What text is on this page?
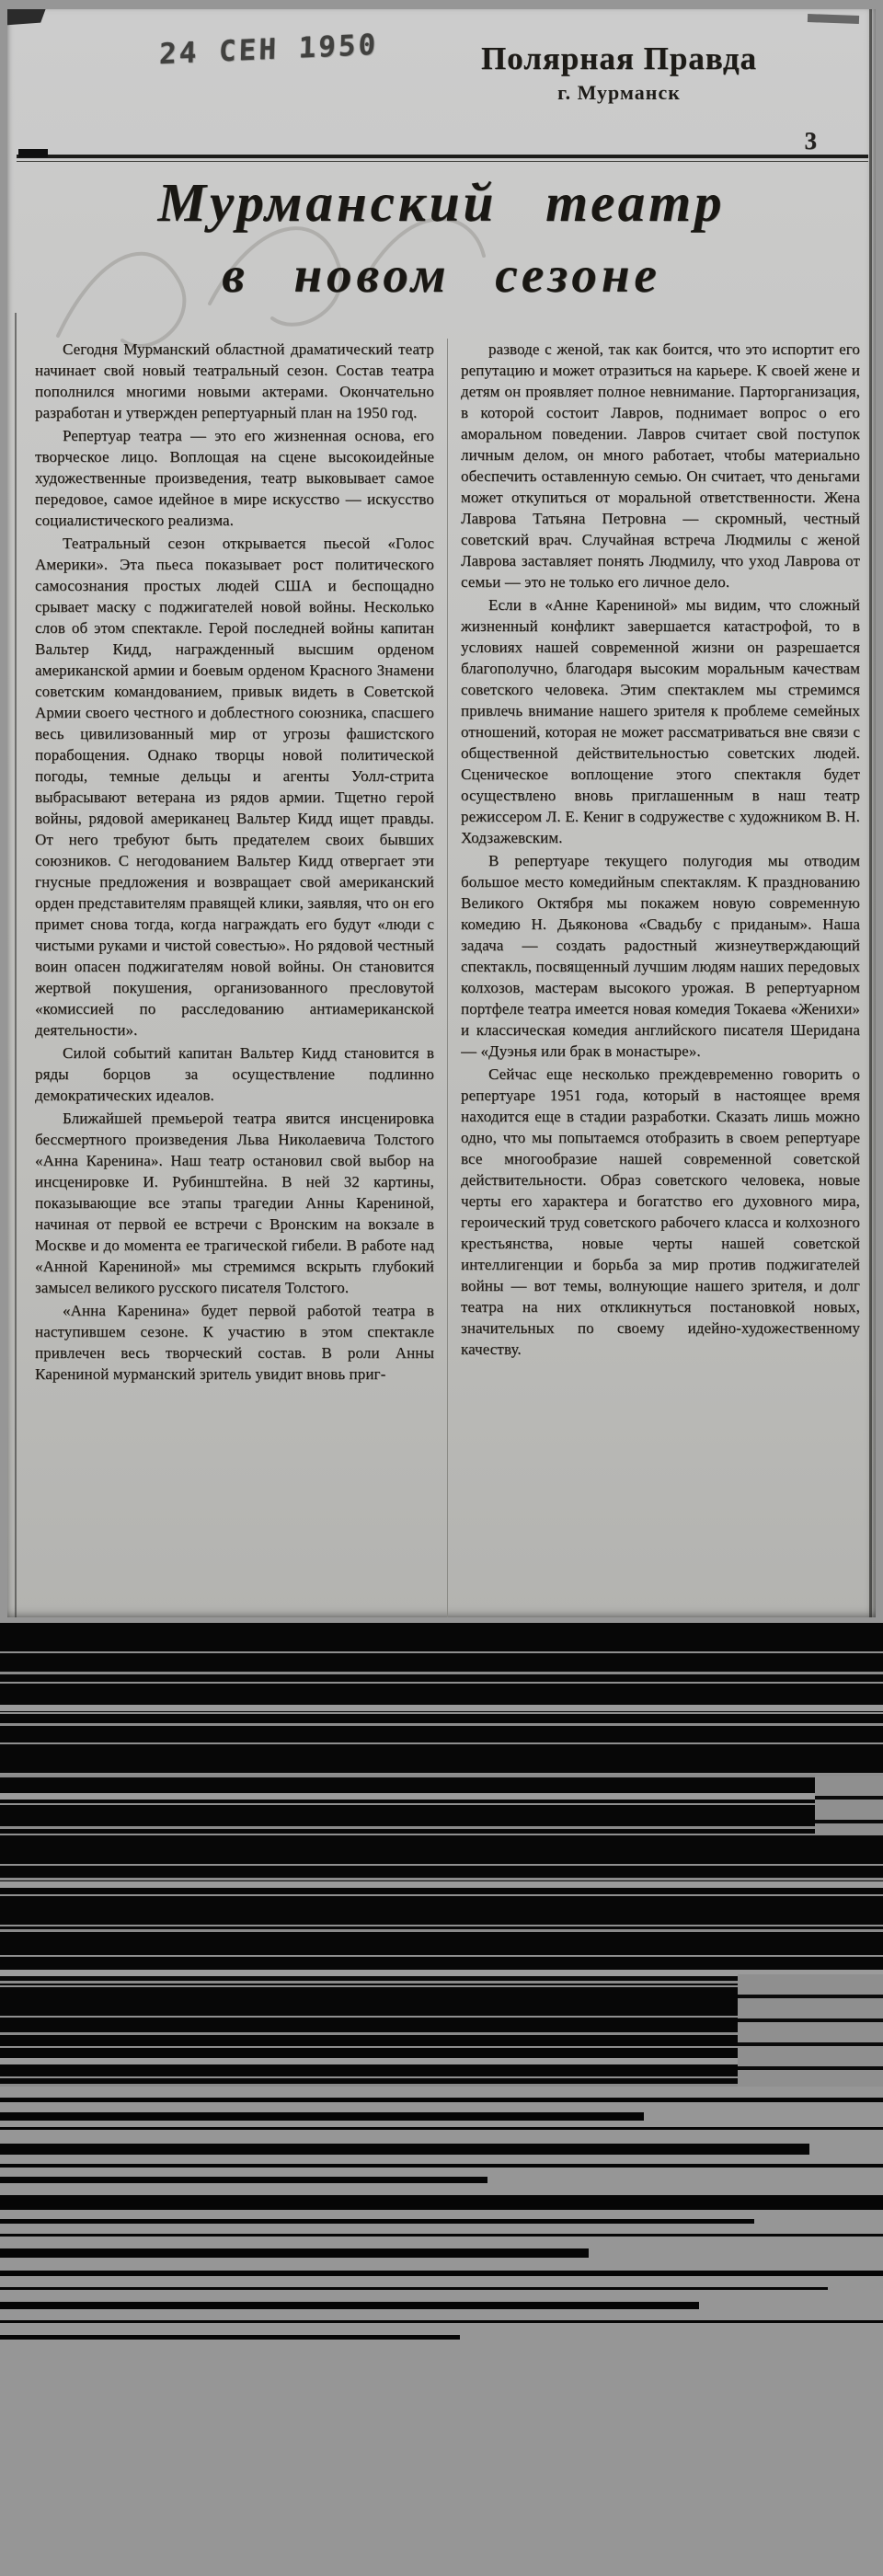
24 СЕН 1950	Полярная Правда
г. Мурманск
3
Мурманский театр
в новом сезоне

Сегодня Мурманский областной драматический театр начинает свой новый театральный сезон. Состав театра пополнился многими новыми актерами. Окончательно разработан и утвержден репертуарный план на 1950 год.

Репертуар театра — это его жизненная основа, его творческое лицо. Воплощая на сцене высокоидейные художественные произведения, театр выковывает самое передовое, самое идейное в мире искусство — искусство социалистического реализма.

Театральный сезон открывается пьесой «Голос Америки». Эта пьеса показывает рост политического самосознания простых людей США и беспощадно срывает маску с поджигателей новой войны. Несколько слов об этом спектакле. Герой последней войны капитан Вальтер Кидд, награжденный высшим орденом американской армии и боевым орденом Красного Знамени советским командованием, привык видеть в Советской Армии своего честного и доблестного союзника, спасшего весь цивилизованный мир от угрозы фашистского порабощения. Однако творцы новой политической погоды, темные дельцы и агенты Уолл-стрита выбрасывают ветерана из рядов армии. Тщетно герой войны, рядовой американец Вальтер Кидд ищет правды. От него требуют быть предателем своих бывших союзников. С негодованием Вальтер Кидд отвергает эти гнусные предложения и возвращает свой американский орден представителям правящей клики, заявляя, что он его примет снова тогда, когда награждать его будут «люди с чистыми руками и чистой совестью». Но рядовой честный воин опасен поджигателям новой войны. Он становится жертвой покушения, организованного пресловутой «комиссией по расследованию антиамериканской деятельности».

Силой событий капитан Вальтер Кидд становится в ряды борцов за осуществление подлинно демократических идеалов.

Ближайшей премьерой театра явится инсценировка бессмертного произведения Льва Николаевича Толстого «Анна Каренина». Наш театр остановил свой выбор на инсценировке И. Рубинштейна. В ней 32 картины, показывающие все этапы трагедии Анны Карениной, начиная от первой ее встречи с Вронским на вокзале в Москве и до момента ее трагической гибели. В работе над «Анной Карениной» мы стремимся вскрыть глубокий замысел великого русского писателя Толстого.

«Анна Каренина» будет первой работой театра в наступившем сезоне. К участию в этом спектакле привлечен весь творческий состав. В роли Анны Карениной мурманский зритель увидит вновь приг-

разводе с женой, так как боится, что это испортит его репутацию и может отразиться на карьере. К своей жене и детям он проявляет полное невнимание. Парторганизация, в которой состоит Лавров, поднимает вопрос о его аморальном поведении. Лавров считает свой поступок личным делом, он много работает, чтобы материально обеспечить оставленную семью. Он считает, что деньгами может откупиться от моральной ответственности. Жена Лаврова Татьяна Петровна — скромный, честный советский врач. Случайная встреча Людмилы с женой Лаврова заставляет понять Людмилу, что уход Лаврова от семьи — это не только его личное дело.

Если в «Анне Карениной» мы видим, что сложный жизненный конфликт завершается катастрофой, то в условиях нашей современной жизни он разрешается благополучно, благодаря высоким моральным качествам советского человека. Этим спектаклем мы стремимся привлечь внимание нашего зрителя к проблеме семейных отношений, которая не может рассматриваться вне связи с общественной действительностью советских людей. Сценическое воплощение этого спектакля будет осуществлено вновь приглашенным в наш театр режиссером Л. Е. Кениг в содружестве с художником В. Н. Ходзажевским.

В репертуаре текущего полугодия мы отводим большое место комедийным спектаклям. К празднованию Великого Октября мы покажем новую современную комедию Н. Дьяконова «Свадьбу с приданым». Наша задача — создать радостный жизнеутверждающий спектакль, посвященный лучшим людям наших передовых колхозов, мастерам высокого урожая. В репертуарном портфеле театра имеется новая комедия Токаева «Женихи» и классическая комедия английского писателя Шеридана — «Дуэнья или брак в монастыре».

Сейчас еще несколько преждевременно говорить о репертуаре 1951 года, который в настоящее время находится еще в стадии разработки. Сказать лишь можно одно, что мы попытаемся отобразить в своем репертуаре все многообразие нашей современной советской действительности. Образ советского человека, новые черты его характера и богатство его духовного мира, героический труд советского рабочего класса и колхозного крестьянства, новые черты нашей советской интеллигенции и борьба за мир против поджигателей войны — вот темы, волнующие нашего зрителя, и долг театра на них откликнуться постановкой новых, значительных по своему идейно-художественному качеству.
